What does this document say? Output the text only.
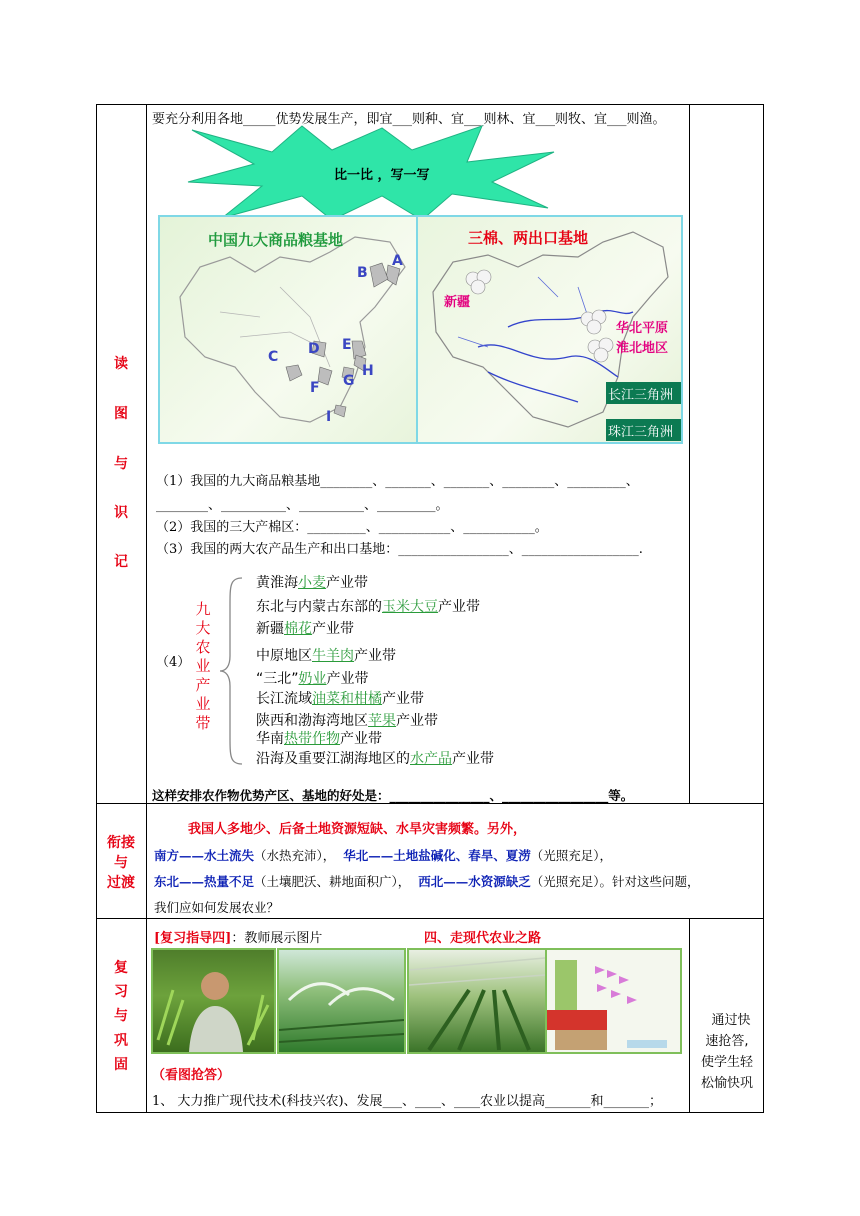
读
图
与
识
记
要充分利用各地_____优势发展生产，即宜___则种、宜___则林、宜___则牧、宜___则渔。
比一比 ，写一写
中国九大商品粮基地
A
B
C D E
F G
H
I
三棉、两出口基地
新疆
华北平原
淮北地区
长江三角洲
珠江三角洲
（1）我国的九大商品粮基地________、_______、_______、________、_________、
________、__________、__________、_________。
（2）我国的三大产棉区：_________、___________、___________。
（3）我国的两大农产品生产和出口基地：_________________、__________________.
（4）
九
大
农
业
产
业
带
黄淮海小麦产业带
东北与内蒙古东部的玉米大豆产业带
新疆棉花产业带
中原地区牛羊肉产业带
“三北”奶业产业带
长江流域油菜和柑橘产业带
陕西和渤海湾地区苹果产业带
华南热带作物产业带
沿海及重要江湖海地区的水产品产业带
这样安排农作物优势产区、基地的好处是：________________、_________________等。
衔接
与
过渡
我国人多地少、后备土地资源短缺、水旱灾害频繁。另外，
南方——水土流失（水热充沛）， 华北——土地盐碱化、春旱、夏涝（光照充足），
东北——热量不足（土壤肥沃、耕地面积广）， 西北——水资源缺乏（光照充足）。针对这些问题，
我们应如何发展农业？
复
习
与
巩
固
[复习指导四]：教师展示图片	四、走现代农业之路
（看图抢答）
1、 大力推广现代技术(科技兴农)、发展___、____、____农业以提高_______和_______；
通过快
速抢答,
使学生轻
松愉快巩
